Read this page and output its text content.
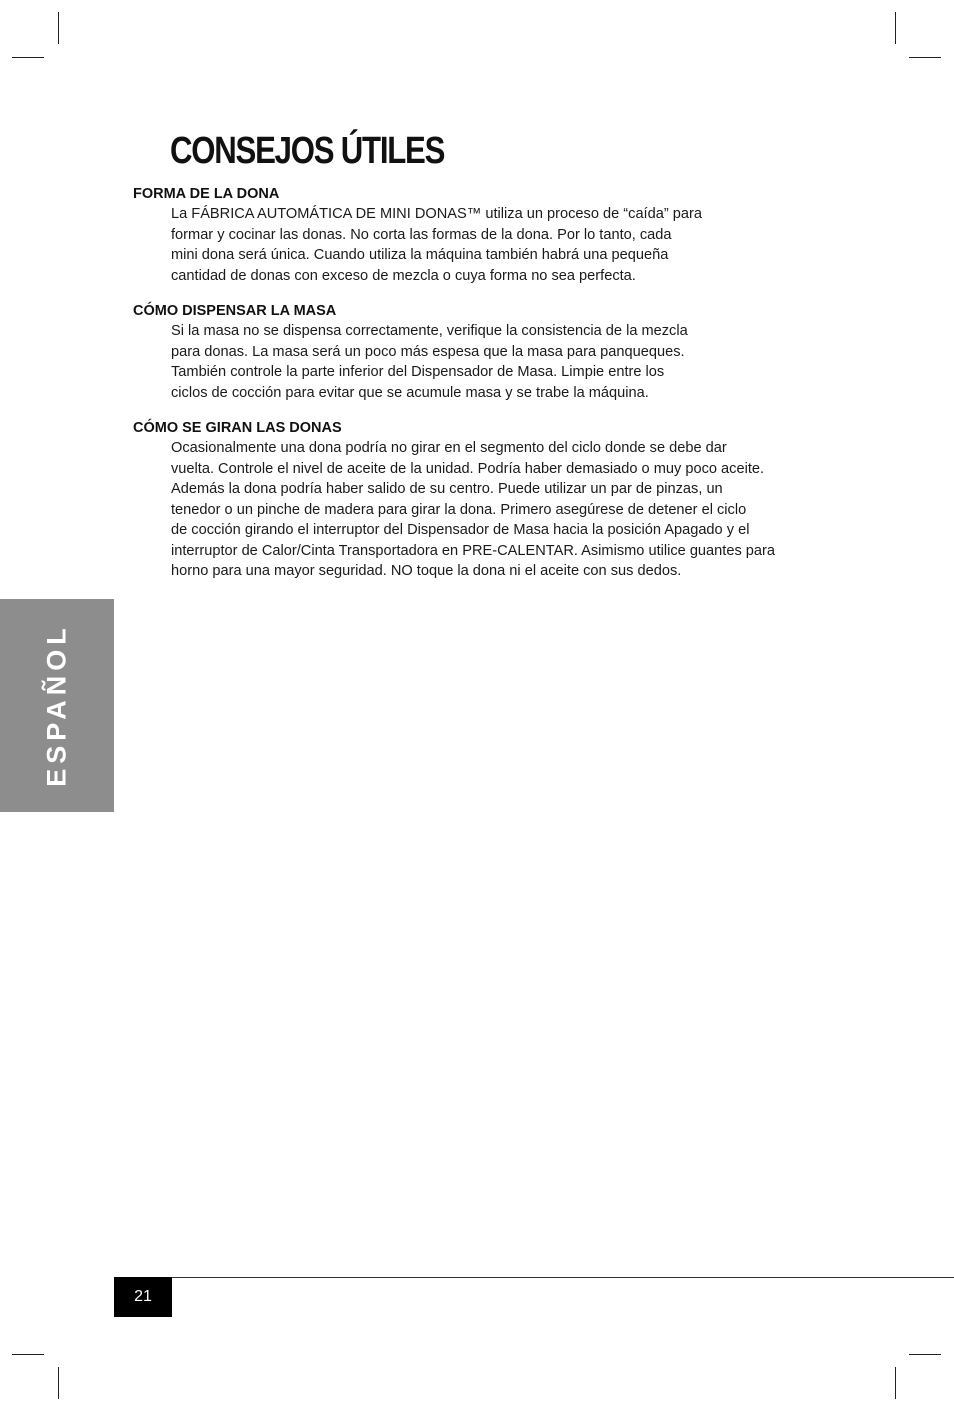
CONSEJOS ÚTILES
FORMA DE LA DONA

La FÁBRICA AUTOMÁTICA DE MINI DONAS™ utiliza un proceso de “caída” para
formar y cocinar las donas. No corta las formas de la dona. Por lo tanto, cada
mini dona será única. Cuando utiliza la máquina también habrá una pequeña
cantidad de donas con exceso de mezcla o cuya forma no sea perfecta.

CÓMO DISPENSAR LA MASA

Si la masa no se dispensa correctamente, verifique la consistencia de la mezcla
para donas. La masa será un poco más espesa que la masa para panqueques.
También controle la parte inferior del Dispensador de Masa. Limpie entre los
ciclos de cocción para evitar que se acumule masa y se trabe la máquina.

CÓMO SE GIRAN LAS DONAS

Ocasionalmente una dona podría no girar en el segmento del ciclo donde se debe dar
vuelta. Controle el nivel de aceite de la unidad. Podría haber demasiado o muy poco aceite.
Además la dona podría haber salido de su centro. Puede utilizar un par de pinzas, un
tenedor o un pinche de madera para girar la dona. Primero asegúrese de detener el ciclo
de cocción girando el interruptor del Dispensador de Masa hacia la posición Apagado y el
interruptor de Calor/Cinta Transportadora en PRE-CALENTAR. Asimismo utilice guantes para
horno para una mayor seguridad. NO toque la dona ni el aceite con sus dedos.

ESPAÑOL
21
